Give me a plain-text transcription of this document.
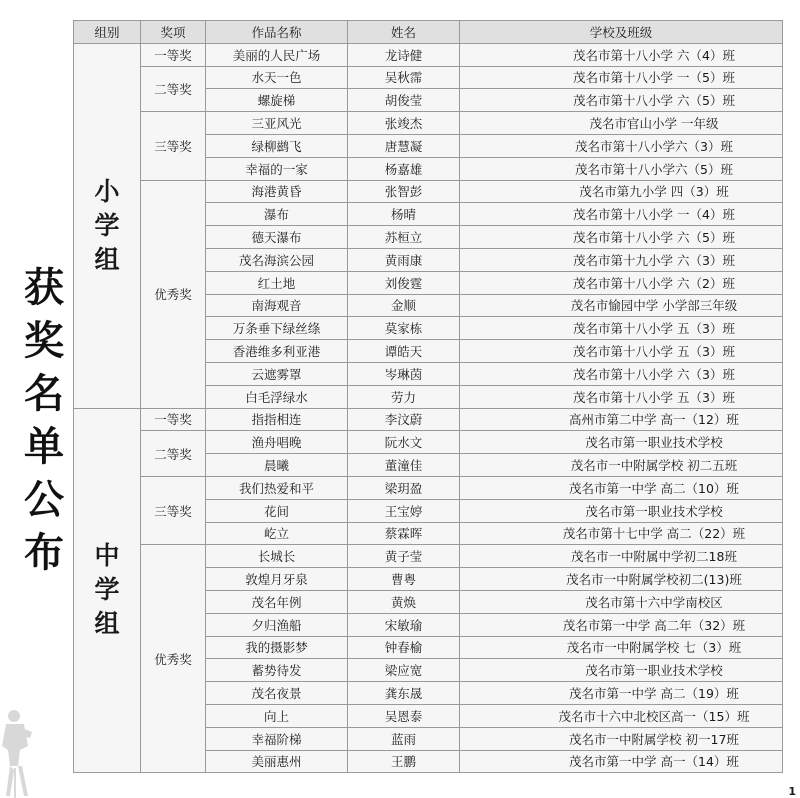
获
奖
名
单
公
布
组别	奖项	作品名称	姓名	学校及班级

小
学
组	一等奖	美丽的人民广场	龙诗健	茂名市第十八小学 六（4）班
	二等奖	水天一色	吴秋霈	茂名市第十八小学 一（5）班
		螺旋梯	胡俊莹	茂名市第十八小学 六（5）班
	三等奖	三亚风光	张竣杰	茂名市官山小学 一年级
		绿柳鹚飞	唐慧凝	茂名市第十八小学六（3）班
		幸福的一家	杨嘉雄	茂名市第十八小学六（5）班
	优秀奖	海港黄昏	张智彭	茂名市第九小学 四（3）班
		瀑布	杨晴	茂名市第十八小学 一（4）班
		德天瀑布	苏桓立	茂名市第十八小学 六（5）班
		茂名海滨公园	黄雨康	茂名市第十九小学 六（3）班
		红土地	刘俊霆	茂名市第十八小学 六（2）班
		南海观音	金顺	茂名市愉园中学 小学部三年级
		万条垂下绿丝绦	莫家栋	茂名市第十八小学 五（3）班
		香港维多利亚港	谭皓天	茂名市第十八小学 五（3）班
		云遮雾罩	岑琳茵	茂名市第十八小学 六（3）班
		白毛浮绿水	劳力	茂名市第十八小学 五（3）班

中
学
组	一等奖	指指相连	李汶蔚	高州市第二中学 高一（12）班
	二等奖	渔舟唱晚	阮水文	茂名市第一职业技术学校
		晨曦	董潼佳	茂名市一中附属学校 初二五班
	三等奖	我们热爱和平	梁玥盈	茂名市第一中学 高二（10）班
		花间	王宝婷	茂名市第一职业技术学校
		屹立	蔡霖晖	茂名市第十七中学 高二（22）班
	优秀奖	长城长	黄子莹	茂名市一中附属中学初二18班
		敦煌月牙泉	曹粤	茂名市一中附属学校初二(13)班
		茂名年例	黄焕	茂名市第十六中学南校区
		夕归渔船	宋敏瑜	茂名市第一中学 高二年（32）班
		我的摄影梦	钟春榆	茂名市一中附属学校 七（3）班
		蓄势待发	梁应宽	茂名市第一职业技术学校
		茂名夜景	龚东晟	茂名市第一中学 高二（19）班
		向上	吴恩泰	茂名市十六中北校区高一（15）班
		幸福阶梯	蓝雨	茂名市一中附属学校 初一17班
		美丽惠州	王鹏	茂名市第一中学 高一（14）班
1
